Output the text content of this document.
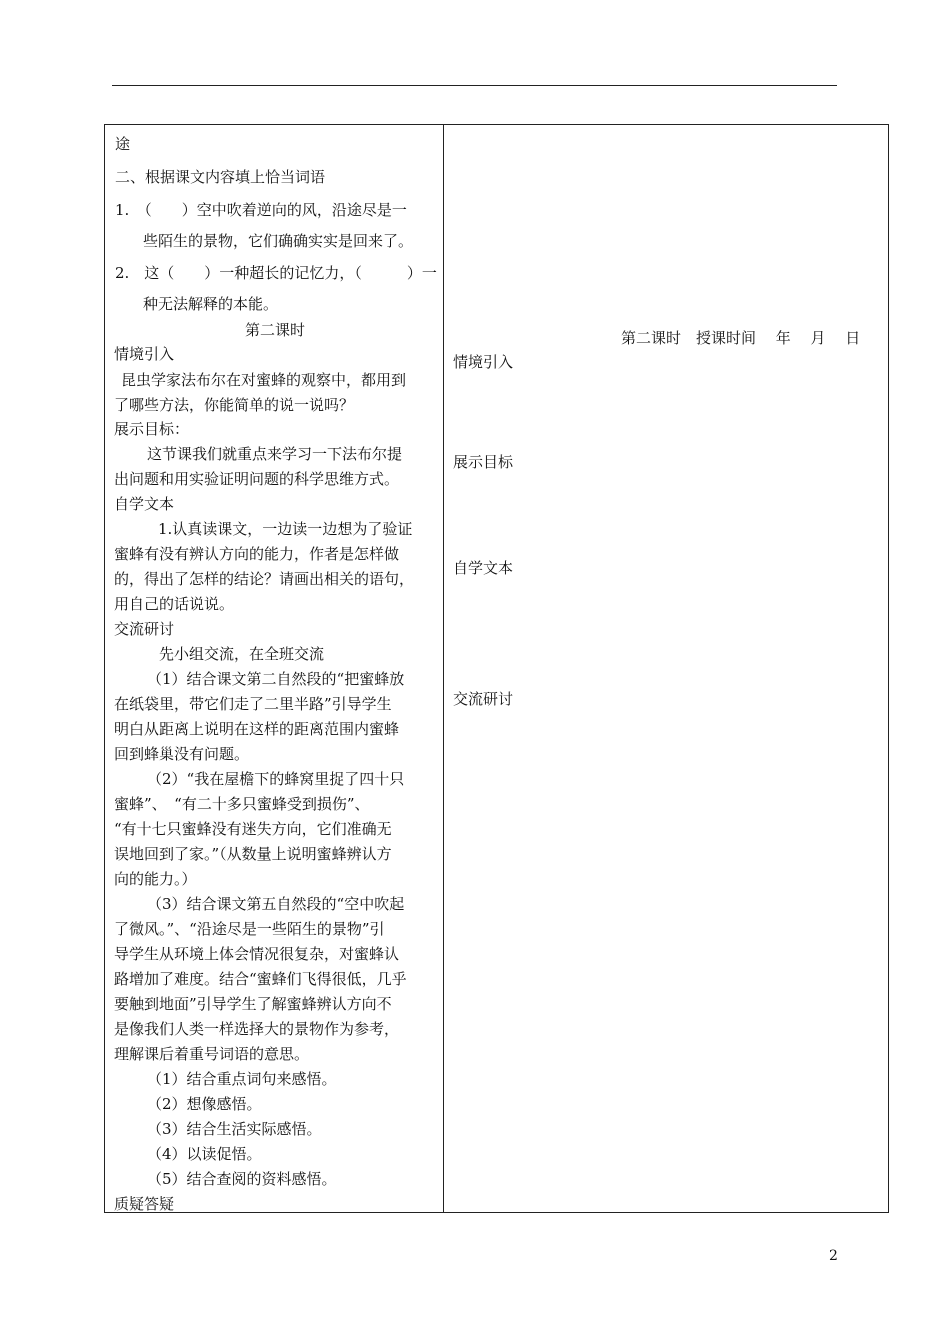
途
二、根据课文内容填上恰当词语
1.　（　　）空中吹着逆向的风，沿途尽是一
些陌生的景物，它们确确实实是回来了。
2.　这（　　）一种超长的记忆力，（　　　）一
种无法解释的本能。
第二课时
情境引入
昆虫学家法布尔在对蜜蜂的观察中，都用到
了哪些方法，你能简单的说一说吗？
展示目标：
这节课我们就重点来学习一下法布尔提
出问题和用实验证明问题的科学思维方式。
自学文本
1.认真读课文，一边读一边想为了验证
蜜蜂有没有辨认方向的能力，作者是怎样做
的，得出了怎样的结论？请画出相关的语句，
用自己的话说说。
交流研讨
先小组交流，在全班交流
（1）结合课文第二自然段的“把蜜蜂放
在纸袋里，带它们走了二里半路”引导学生
明白从距离上说明在这样的距离范围内蜜蜂
回到蜂巢没有问题。
（2）“我在屋檐下的蜂窝里捉了四十只
蜜蜂”、　“有二十多只蜜蜂受到损伤”、
“有十七只蜜蜂没有迷失方向，它们准确无
误地回到了家。”（从数量上说明蜜蜂辨认方
向的能力。）
（3）结合课文第五自然段的“空中吹起
了微风。”、“沿途尽是一些陌生的景物”引
导学生从环境上体会情况很复杂，对蜜蜂认
路增加了难度。结合“蜜蜂们飞得很低，几乎
要触到地面”引导学生了解蜜蜂辨认方向不
是像我们人类一样选择大的景物作为参考，
理解课后着重号词语的意思。
（1）结合重点词句来感悟。
（2）想像感悟。
（3）结合生活实际感悟。
（4）以读促悟。
（5）结合查阅的资料感悟。
质疑答疑
第二课时　授课时间　 年　 月　 日
情境引入
展示目标
自学文本
交流研讨
2
